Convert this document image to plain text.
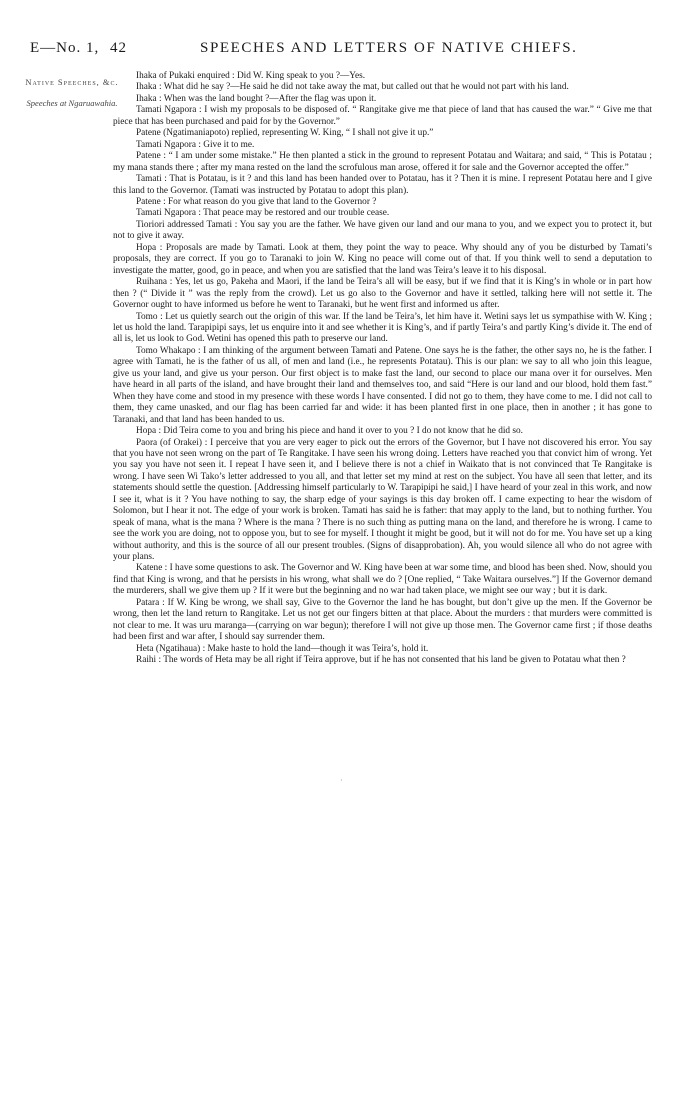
E—No. 1, 42	SPEECHES AND LETTERS OF NATIVE CHIEFS.
Native Speeches, &c.
Speeches at Ngaruawahia.

Ihaka of Pukaki enquired : Did W. King speak to you ?—Yes.

Ihaka : What did he say ?—He said he did not take away the mat, but called out that he would not part with his land.

Ihaka : When was the land bought ?—After the flag was upon it.

Tamati Ngapora : I wish my proposals to be disposed of. “ Rangitake give me that piece of land that has caused the war.” “ Give me that piece that has been purchased and paid for by the Governor.”

Patene (Ngatimaniapoto) replied, representing W. King, “ I shall not give it up.”

Tamati Ngapora : Give it to me.

Patene : “ I am under some mistake.” He then planted a stick in the ground to represent Potatau and Waitara; and said, “ This is Potatau ; my mana stands there ; after my mana rested on the land the scrofulous man arose, offered it for sale and the Governor accepted the offer.”

Tamati : That is Potatau, is it ? and this land has been handed over to Potatau, has it ? Then it is mine. I represent Potatau here and I give this land to the Governor. (Tamati was instructed by Potatau to adopt this plan).

Patene : For what reason do you give that land to the Governor ?

Tamati Ngapora : That peace may be restored and our trouble cease.

Tioriori addressed Tamati : You say you are the father. We have given our land and our mana to you, and we expect you to protect it, but not to give it away.

Hopa : Proposals are made by Tamati. Look at them, they point the way to peace. Why should any of you be disturbed by Tamati’s proposals, they are correct. If you go to Taranaki to join W. King no peace will come out of that. If you think well to send a deputation to investigate the matter, good, go in peace, and when you are satisfied that the land was Teira’s leave it to his disposal.

Ruihana : Yes, let us go, Pakeha and Maori, if the land be Teira’s all will be easy, but if we find that it is King’s in whole or in part how then ? (“ Divide it ” was the reply from the crowd). Let us go also to the Governor and have it settled, talking here will not settle it. The Governor ought to have informed us before he went to Taranaki, but he went first and informed us after.

Tomo : Let us quietly search out the origin of this war. If the land be Teira’s, let him have it. Wetini says let us sympathise with W. King ; let us hold the land. Tarapipipi says, let us enquire into it and see whether it is King’s, and if partly Teira’s and partly King’s divide it. The end of all is, let us look to God. Wetini has opened this path to preserve our land.

Tomo Whakapo : I am thinking of the argument between Tamati and Patene. One says he is the father, the other says no, he is the father. I agree with Tamati, he is the father of us all, of men and land (i.e., he represents Potatau). This is our plan: we say to all who join this league, give us your land, and give us your person. Our first object is to make fast the land, our second to place our mana over it for ourselves. Men have heard in all parts of the island, and have brought their land and themselves too, and said “Here is our land and our blood, hold them fast.” When they have come and stood in my presence with these words I have consented. I did not go to them, they have come to me. I did not call to them, they came unasked, and our flag has been carried far and wide: it has been planted first in one place, then in another ; it has gone to Taranaki, and that land has been handed to us.

Hopa : Did Teira come to you and bring his piece and hand it over to you ? I do not know that he did so.

Paora (of Orakei) : I perceive that you are very eager to pick out the errors of the Governor, but I have not discovered his error. You say that you have not seen wrong on the part of Te Rangitake. I have seen his wrong doing. Letters have reached you that convict him of wrong. Yet you say you have not seen it. I repeat I have seen it, and I believe there is not a chief in Waikato that is not convinced that Te Rangitake is wrong. I have seen Wi Tako’s letter addressed to you all, and that letter set my mind at rest on the subject. You have all seen that letter, and its statements should settle the question. [Addressing himself particularly to W. Tarapipipi he said,] I have heard of your zeal in this work, and now I see it, what is it ? You have nothing to say, the sharp edge of your sayings is this day broken off. I came expecting to hear the wisdom of Solomon, but I hear it not. The edge of your work is broken. Tamati has said he is father: that may apply to the land, but to nothing further. You speak of mana, what is the mana ? Where is the mana ? There is no such thing as putting mana on the land, and therefore he is wrong. I came to see the work you are doing, not to oppose you, but to see for myself. I thought it might be good, but it will not do for me. You have set up a king without authority, and this is the source of all our present troubles. (Signs of disapprobation). Ah, you would silence all who do not agree with your plans.

Katene : I have some questions to ask. The Governor and W. King have been at war some time, and blood has been shed. Now, should you find that King is wrong, and that he persists in his wrong, what shall we do ? [One replied, “ Take Waitara ourselves.”] If the Governor demand the murderers, shall we give them up ? If it were but the beginning and no war had taken place, we might see our way ; but it is dark.

Patara : If W. King be wrong, we shall say, Give to the Governor the land he has bought, but don’t give up the men. If the Governor be wrong, then let the land return to Rangitake. Let us not get our fingers bitten at that place. About the murders : that murders were committed is not clear to me. It was uru maranga—(carrying on war begun); therefore I will not give up those men. The Governor came first ; if those deaths had been first and war after, I should say surrender them.

Heta (Ngatihaua) : Make haste to hold the land—though it was Teira’s, hold it.

Raihi : The words of Heta may be all right if Teira approve, but if he has not consented that his land be given to Potatau what then ?

·
